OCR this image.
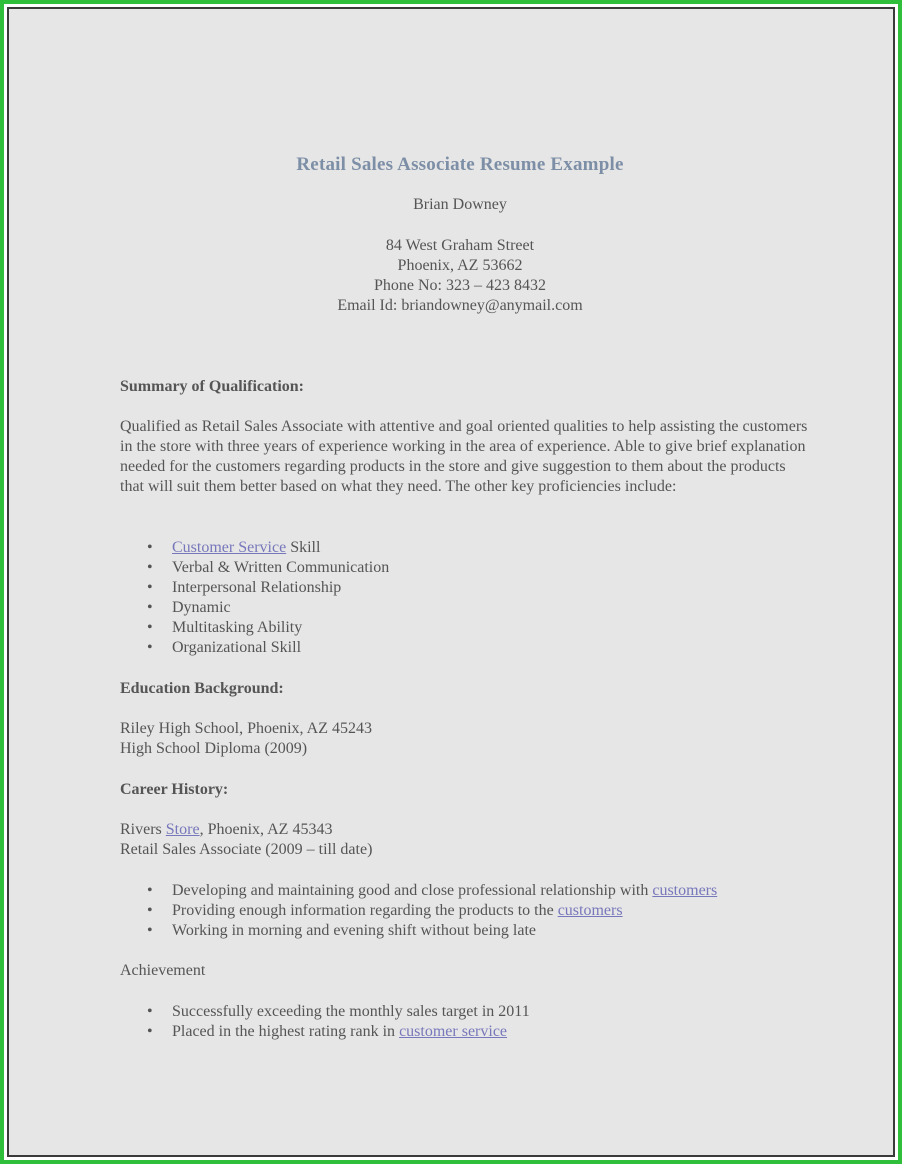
Retail Sales Associate Resume Example
Brian Downey
84 West Graham Street
Phoenix, AZ 53662
Phone No: 323 – 423 8432
Email Id: briandowney@anymail.com
Summary of Qualification:
Qualified as Retail Sales Associate with attentive and goal oriented qualities to help assisting the customers in the store with three years of experience working in the area of experience. Able to give brief explanation needed for the customers regarding products in the store and give suggestion to them about the products that will suit them better based on what they need. The other key proficiencies include:
• Customer Service Skill
• Verbal & Written Communication
• Interpersonal Relationship
• Dynamic
• Multitasking Ability
• Organizational Skill
Education Background:
Riley High School, Phoenix, AZ 45243
High School Diploma (2009)
Career History:
Rivers Store, Phoenix, AZ 45343
Retail Sales Associate (2009 – till date)
• Developing and maintaining good and close professional relationship with customers
• Providing enough information regarding the products to the customers
• Working in morning and evening shift without being late
Achievement
• Successfully exceeding the monthly sales target in 2011
• Placed in the highest rating rank in customer service
